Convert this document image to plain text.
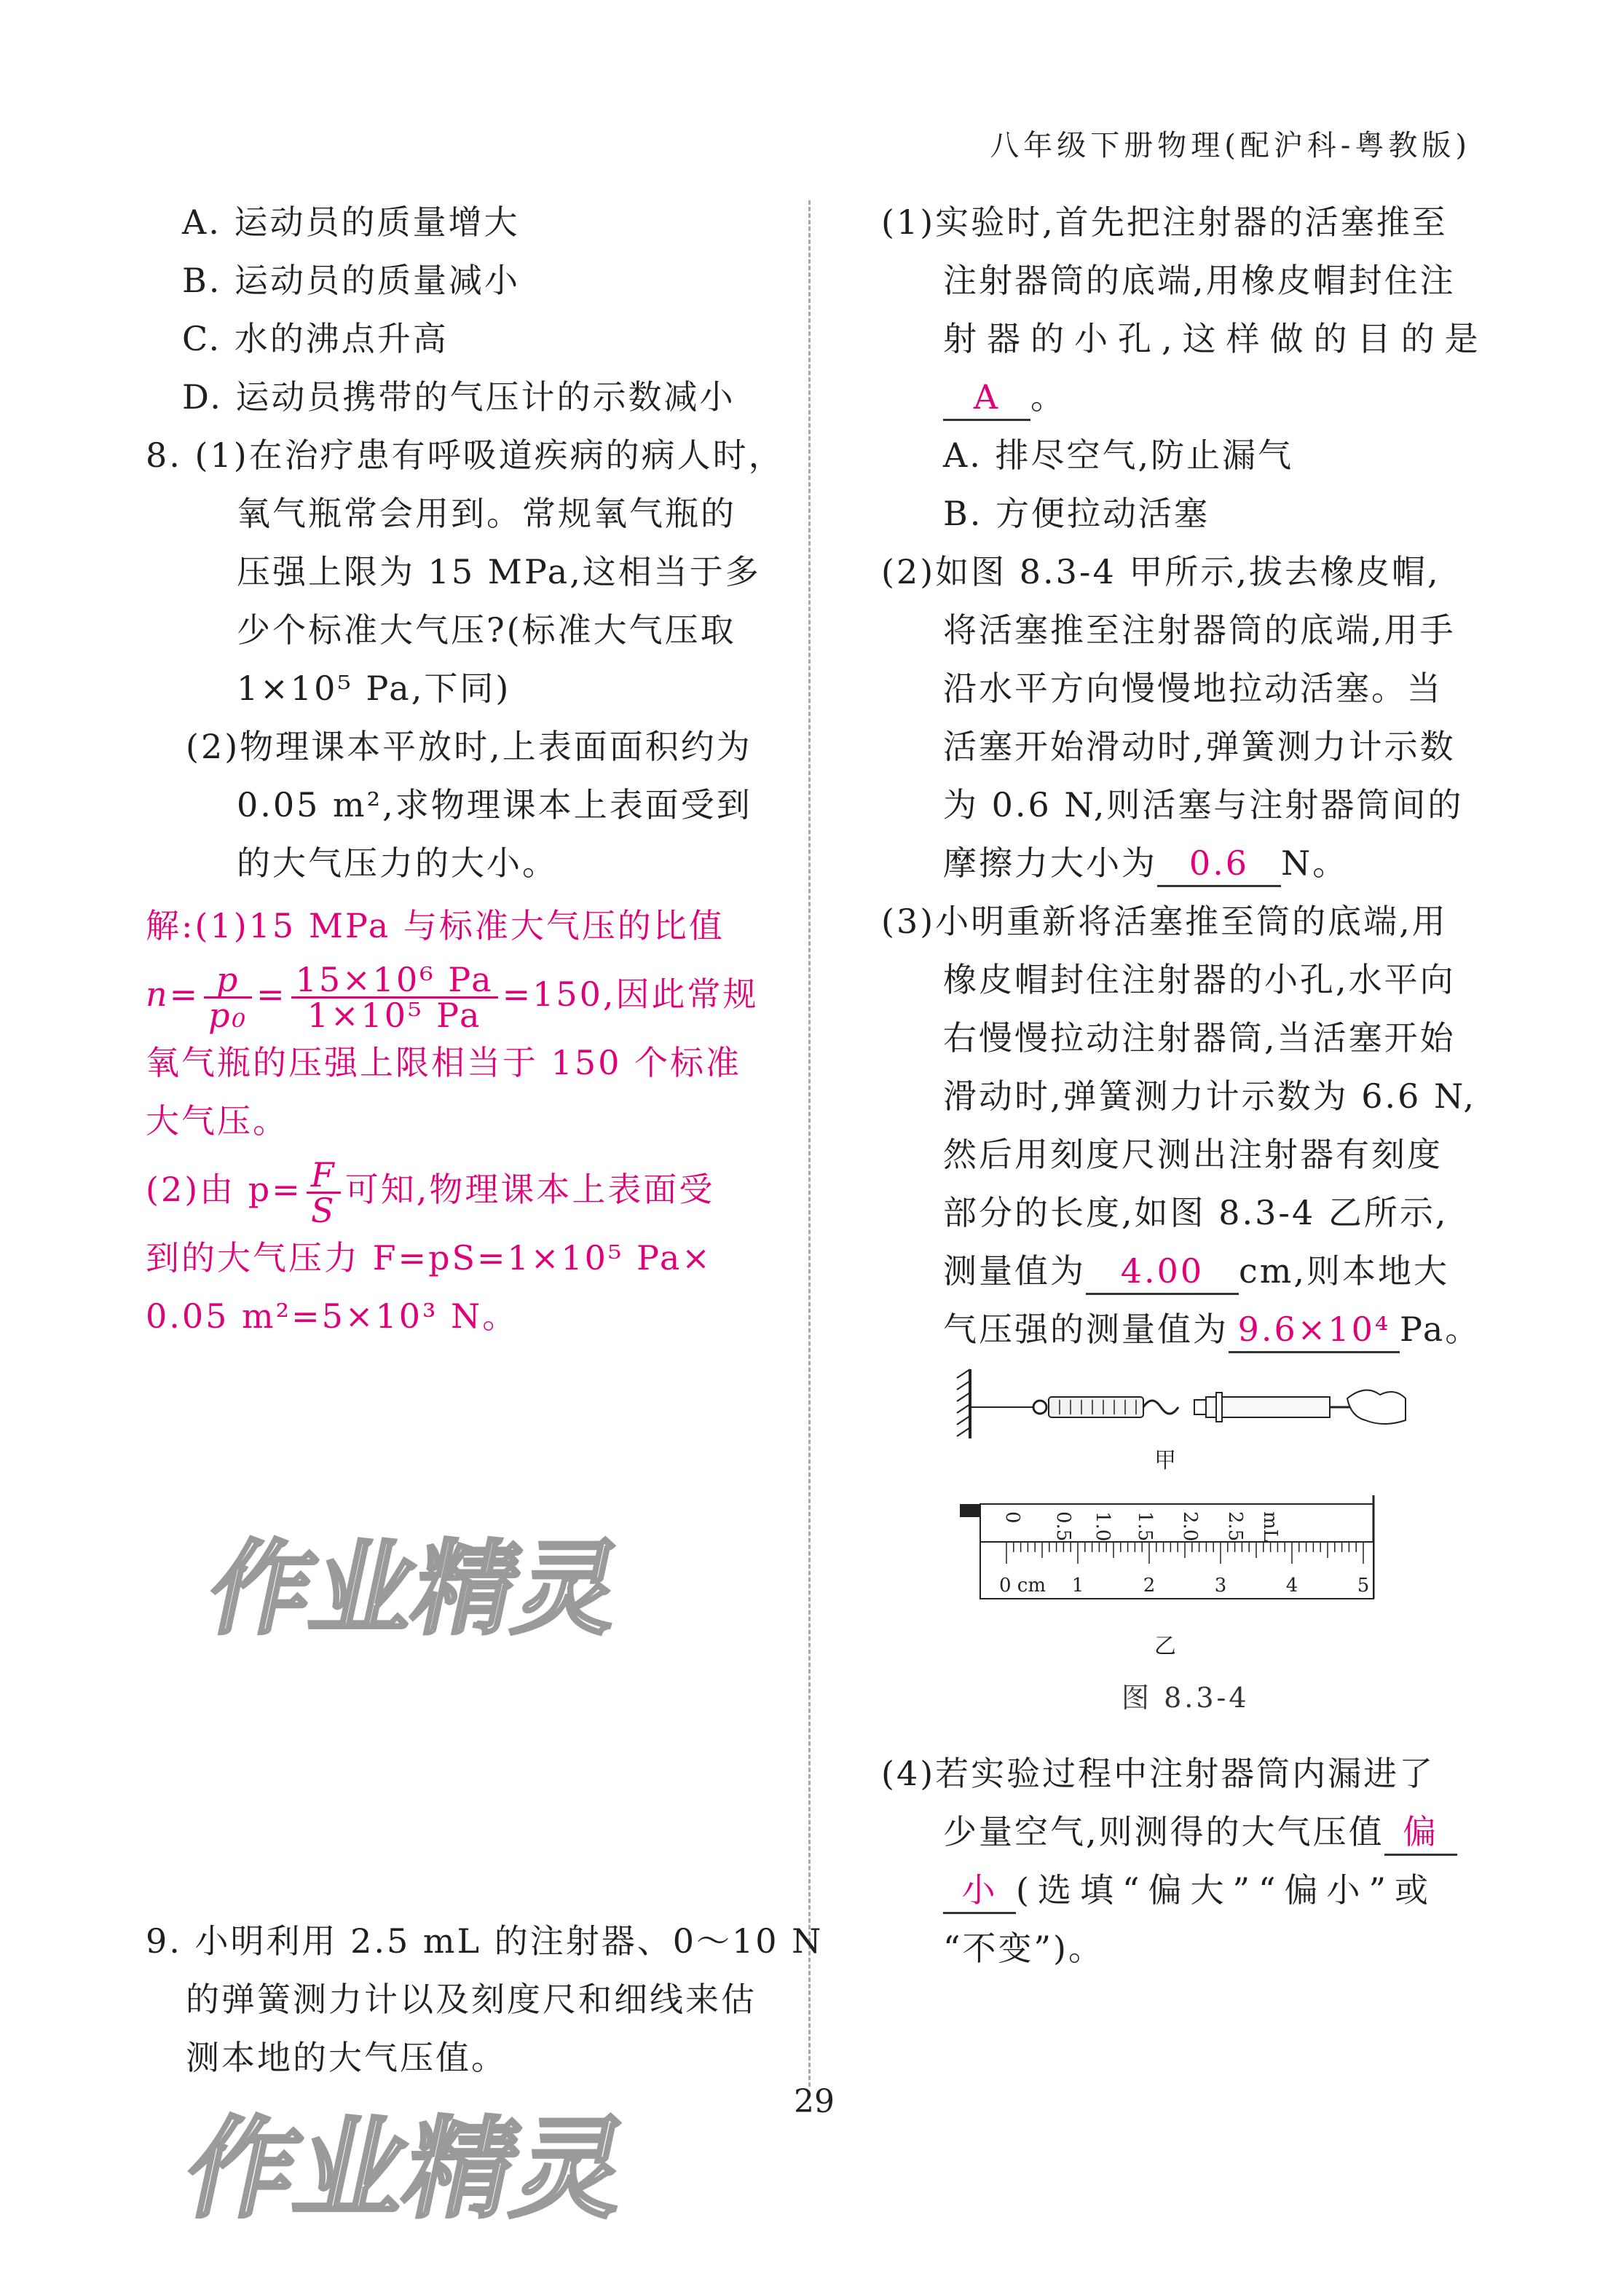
八年级下册物理(配沪科-粤教版)
A. 运动员的质量增大
B. 运动员的质量减小
C. 水的沸点升高
D. 运动员携带的气压计的示数减小
8. (1)在治疗患有呼吸道疾病的病人时，
氧气瓶常会用到。常规氧气瓶的
压强上限为 15 MPa,这相当于多
少个标准大气压?(标准大气压取
1×10⁵ Pa,下同)
(2)物理课本平放时,上表面面积约为
0.05 m²,求物理课本上表面受到
的大气压力的大小。
解:(1)15 MPa 与标准大气压的比值
$n= \frac{p}{\text{p₀}} = \frac{\text{15×10⁶ Pa}}{\text{1×10⁵ Pa}} =150$,因此常规
氧气瓶的压强上限相当于 150 个标准
大气压。
(2)由 $p= \frac{F}{S}$ 可知,物理课本上表面受
到的大气压力 F=pS=1×10⁵ Pa×
0.05 m²=5×10³ N。
作业精灵
9. 小明利用 2.5 mL 的注射器、0～10 N
的弹簧测力计以及刻度尺和细线来估
测本地的大气压值。
作业精灵
(1)实验时,首先把注射器的活塞推至
注射器筒的底端,用橡皮帽封住注
射器的小孔,这样做的目的是
A 。
A. 排尽空气,防止漏气
B. 方便拉动活塞
(2)如图 8.3-4 甲所示,拔去橡皮帽,
将活塞推至注射器筒的底端,用手
沿水平方向慢慢地拉动活塞。当
活塞开始滑动时,弹簧测力计示数
为 0.6 N,则活塞与注射器筒间的
摩擦力大小为 0.6 N。
(3)小明重新将活塞推至筒的底端,用
橡皮帽封住注射器的小孔,水平向
右慢慢拉动注射器筒,当活塞开始
滑动时,弹簧测力计示数为 6.6 N,
然后用刻度尺测出注射器有刻度
部分的长度,如图 8.3-4 乙所示,
测量值为 4.00 cm,则本地大
气压强的测量值为 9.6×10⁴ Pa。
甲
0 0.5 1.0 1.5 2.0 2.5 mL
0 cm 1	2	3	4	5
乙
图 8.3-4
(4)若实验过程中注射器筒内漏进了
少量空气,则测得的大气压值 偏
小 (选填“偏大”“偏小”或
“不变”)。
29
